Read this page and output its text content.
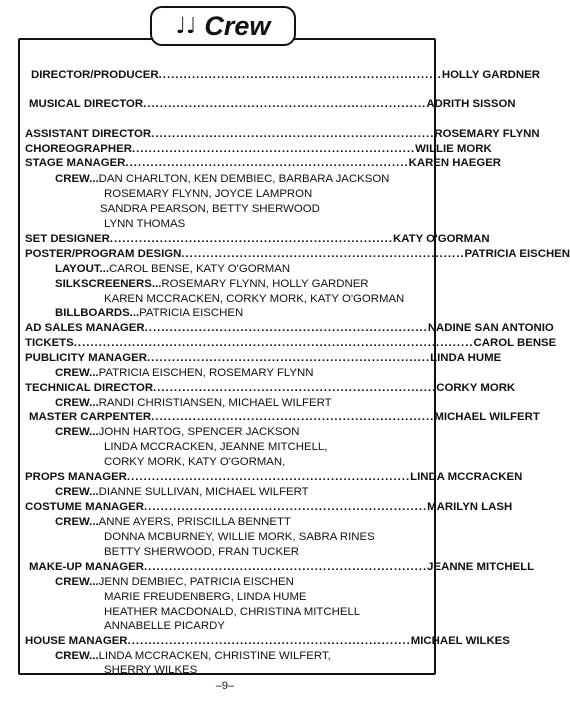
♩♩ Crew
DIRECTOR/PRODUCER .................................................................... HOLLY GARDNER
MUSICAL DIRECTOR .................................................................... ADRITH SISSON
ASSISTANT DIRECTOR .................................................................... ROSEMARY FLYNN
CHOREOGRAPHER .................................................................... WILLIE MORK
STAGE MANAGER .................................................................... KAREN HAEGER
CREW...DAN CHARLTON, KEN DEMBIEC, BARBARA JACKSON
ROSEMARY FLYNN, JOYCE LAMPRON
SANDRA PEARSON, BETTY SHERWOOD
LYNN THOMAS
SET DESIGNER .................................................................... KATY O'GORMAN
POSTER/PROGRAM DESIGN .................................................................... PATRICIA EISCHEN
LAYOUT...CAROL BENSE, KATY O'GORMAN
SILKSCREENERS...ROSEMARY FLYNN, HOLLY GARDNER
KAREN MCCRACKEN, CORKY MORK, KATY O'GORMAN
BILLBOARDS...PATRICIA EISCHEN
AD SALES MANAGER .................................................................... NADINE SAN ANTONIO
TICKETS ................................................................................................ CAROL BENSE
PUBLICITY MANAGER .................................................................... LINDA HUME
CREW...PATRICIA EISCHEN, ROSEMARY FLYNN
TECHNICAL DIRECTOR .................................................................... CORKY MORK
CREW...RANDI CHRISTIANSEN, MICHAEL WILFERT
MASTER CARPENTER .................................................................... MICHAEL WILFERT
CREW...JOHN HARTOG, SPENCER JACKSON
LINDA MCCRACKEN, JEANNE MITCHELL,
CORKY MORK, KATY O'GORMAN,
PROPS MANAGER .................................................................... LINDA MCCRACKEN
CREW...DIANNE SULLIVAN, MICHAEL WILFERT
COSTUME MANAGER .................................................................... MARILYN LASH
CREW...ANNE AYERS, PRISCILLA BENNETT
DONNA MCBURNEY, WILLIE MORK, SABRA RINES
BETTY SHERWOOD, FRAN TUCKER
MAKE-UP MANAGER .................................................................... JEANNE MITCHELL
CREW...JENN DEMBIEC, PATRICIA EISCHEN
MARIE FREUDENBERG, LINDA HUME
HEATHER MACDONALD, CHRISTINA MITCHELL
ANNABELLE PICARDY
HOUSE MANAGER .................................................................... MICHAEL WILKES
CREW...LINDA MCCRACKEN, CHRISTINE WILFERT,
SHERRY WILKES
–9–
